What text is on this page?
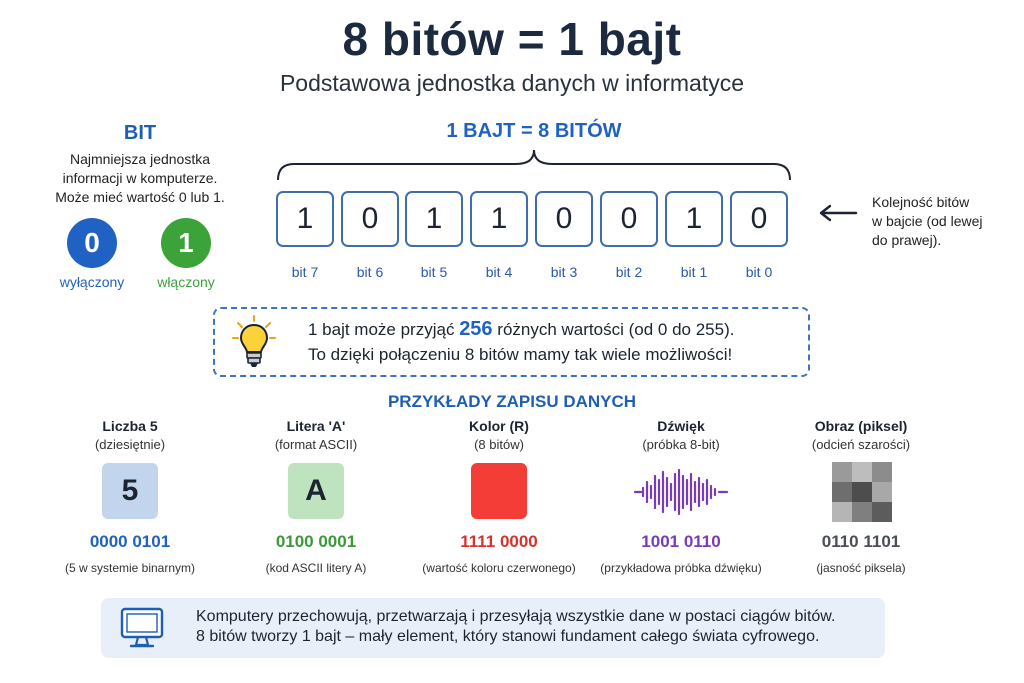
8 bitów = 1 bajt
Podstawowa jednostka danych w informatyce
BIT
Najmniejsza jednostka
informacji w komputerze.
Może mieć wartość 0 lub 1.
0	1
wyłączony	włączony
1 BAJT = 8 BITÓW
1	0	1	1	0	0	1	0
bit 7	bit 6	bit 5	bit 4	bit 3	bit 2	bit 1	bit 0
Kolejność bitów
w bajcie (od lewej
do prawej).
1 bajt może przyjąć 256 różnych wartości (od 0 do 255).
To dzięki połączeniu 8 bitów mamy tak wiele możliwości!
PRZYKŁADY ZAPISU DANYCH
Liczba 5
(dziesiętnie)
5
0000 0101
(5 w systemie binarnym)
Litera 'A'
(format ASCII)
A
0100 0001
(kod ASCII litery A)
Kolor (R)
(8 bitów)
1111 0000
(wartość koloru czerwonego)
Dźwięk
(próbka 8-bit)
1001 0110
(przykładowa próbka dźwięku)
Obraz (piksel)
(odcień szarości)
0110 1101
(jasność piksela)
Komputery przechowują, przetwarzają i przesyłają wszystkie dane w postaci ciągów bitów.
8 bitów tworzy 1 bajt – mały element, który stanowi fundament całego świata cyfrowego.
